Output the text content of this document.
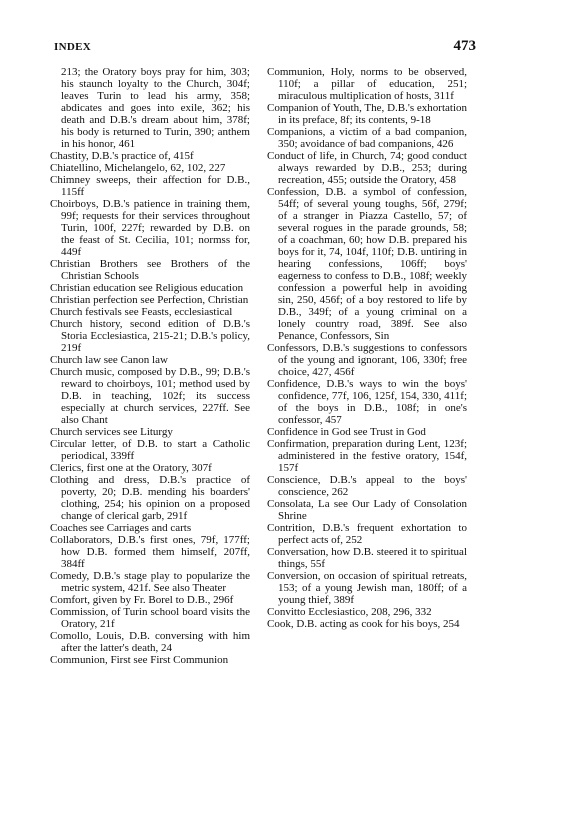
INDEX	473

213; the Oratory boys pray for him, 303; his staunch loyalty to the Church, 304f; leaves Turin to lead his army, 358; abdicates and goes into exile, 362; his death and D.B.'s dream about him, 378f; his body is returned to Turin, 390; anthem in his honor, 461

Chastity, D.B.'s practice of, 415f

Chiatellino, Michelangelo, 62, 102, 227

Chimney sweeps, their affection for D.B., 115ff

Choirboys, D.B.'s patience in training them, 99f; requests for their services throughout Turin, 100f, 227f; rewarded by D.B. on the feast of St. Cecilia, 101; normss for, 449f

Christian Brothers see Brothers of the Christian Schools

Christian education see Religious education

Christian perfection see Perfection, Christian

Church festivals see Feasts, ecclesiastical

Church history, second edition of D.B.'s Storia Ecclesiastica, 215-21; D.B.'s policy, 219f

Church law see Canon law

Church music, composed by D.B., 99; D.B.'s reward to choirboys, 101; method used by D.B. in teaching, 102f; its success especially at church services, 227ff. See also Chant

Church services see Liturgy

Circular letter, of D.B. to start a Catholic periodical, 339ff

Clerics, first one at the Oratory, 307f

Clothing and dress, D.B.'s practice of poverty, 20; D.B. mending his boarders' clothing, 254; his opinion on a proposed change of clerical garb, 291f

Coaches see Carriages and carts

Collaborators, D.B.'s first ones, 79f, 177ff; how D.B. formed them himself, 207ff, 384ff

Comedy, D.B.'s stage play to popularize the metric system, 421f. See also Theater

Comfort, given by Fr. Borel to D.B., 296f

Commission, of Turin school board visits the Oratory, 21f

Comollo, Louis, D.B. conversing with him after the latter's death, 24

Communion, First see First Communion

Communion, Holy, norms to be observed, 110f; a pillar of education, 251; miraculous multiplication of hosts, 311f

Companion of Youth, The, D.B.'s exhortation in its preface, 8f; its contents, 9-18

Companions, a victim of a bad companion, 350; avoidance of bad companions, 426

Conduct of life, in Church, 74; good conduct always rewarded by D.B., 253; during recreation, 455; outside the Oratory, 458

Confession, D.B. a symbol of confession, 54ff; of several young toughs, 56f, 279f; of a stranger in Piazza Castello, 57; of several rogues in the parade grounds, 58; of a coachman, 60; how D.B. prepared his boys for it, 74, 104f, 110f; D.B. untiring in hearing confessions, 106ff; boys' eagerness to confess to D.B., 108f; weekly confession a powerful help in avoiding sin, 250, 456f; of a boy restored to life by D.B., 349f; of a young criminal on a lonely country road, 389f. See also Penance, Confessors, Sin

Confessors, D.B.'s suggestions to confessors of the young and ignorant, 106, 330f; free choice, 427, 456f

Confidence, D.B.'s ways to win the boys' confidence, 77f, 106, 125f, 154, 330, 411f; of the boys in D.B., 108f; in one's confessor, 457

Confidence in God see Trust in God

Confirmation, preparation during Lent, 123f; administered in the festive oratory, 154f, 157f

Conscience, D.B.'s appeal to the boys' conscience, 262

Consolata, La see Our Lady of Consolation Shrine

Contrition, D.B.'s frequent exhortation to perfect acts of, 252

Conversation, how D.B. steered it to spiritual things, 55f

Conversion, on occasion of spiritual retreats, 153; of a young Jewish man, 180ff; of a young thief, 389f

Convitto Ecclesiastico, 208, 296, 332

Cook, D.B. acting as cook for his boys, 254
